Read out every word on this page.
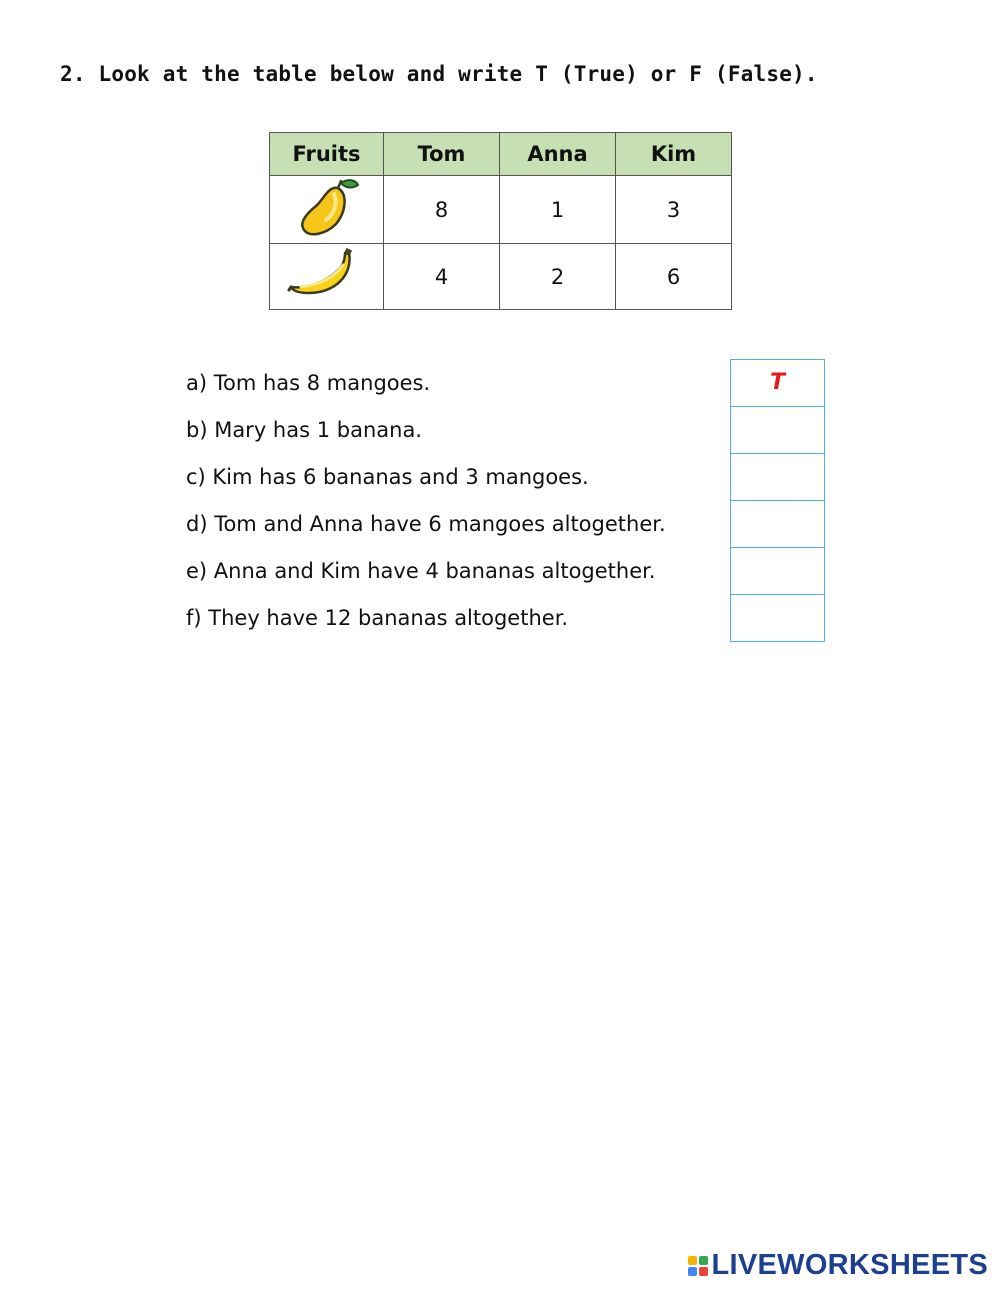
2. Look at the table below and write T (True) or F (False).
Fruits	Tom	Anna	Kim
	8	1	3
	4	2	6
a) Tom has 8 mangoes.
b) Mary has 1 banana.
c) Kim has 6 bananas and 3 mangoes.
d) Tom and Anna have 6 mangoes altogether.
e) Anna and Kim have 4 bananas altogether.
f) They have 12 bananas altogether.
T
LIVEWORKSHEETS
